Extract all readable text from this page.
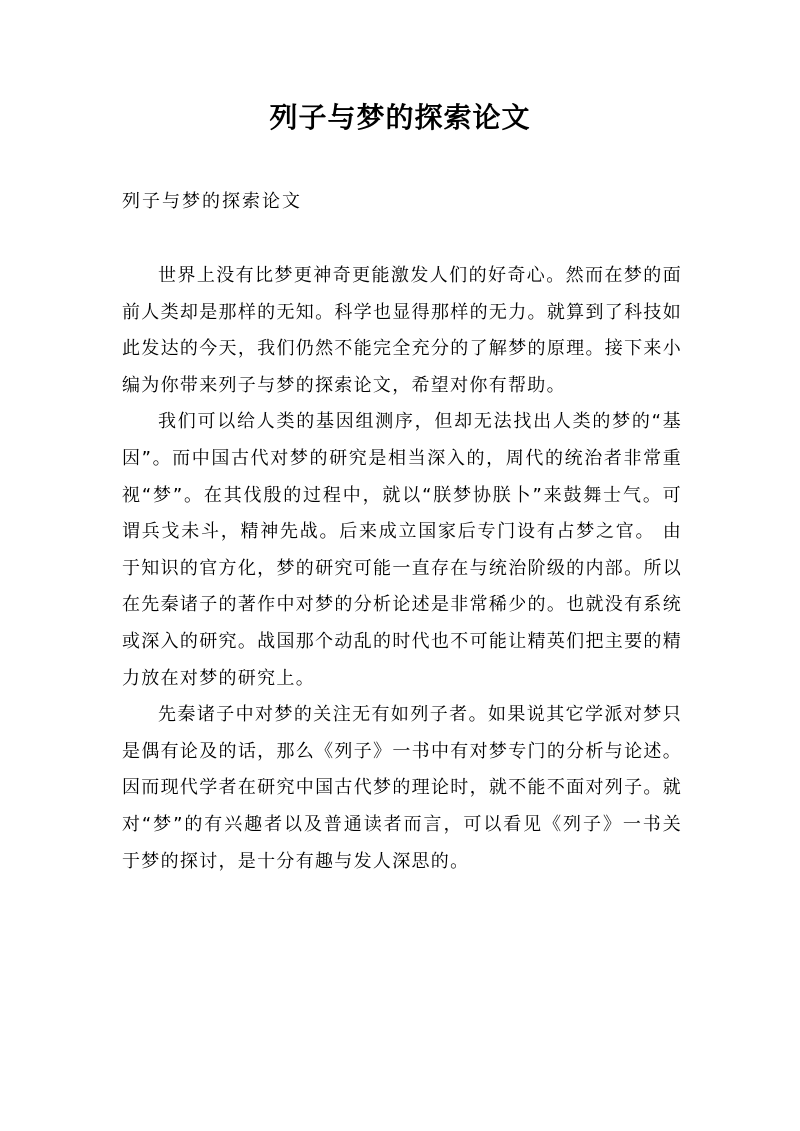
列子与梦的探索论文
列子与梦的探索论文

世界上没有比梦更神奇更能激发人们的好奇心。然而在梦的面前人类却是那样的无知。科学也显得那样的无力。就算到了科技如此发达的今天，我们仍然不能完全充分的了解梦的原理。接下来小编为你带来列子与梦的探索论文，希望对你有帮助。

我们可以给人类的基因组测序，但却无法找出人类的梦的“基因”。而中国古代对梦的研究是相当深入的，周代的统治者非常重视“梦”。在其伐殷的过程中，就以“朕梦协朕卜”来鼓舞士气。可谓兵戈未斗，精神先战。后来成立国家后专门设有占梦之官。 由于知识的官方化，梦的研究可能一直存在与统治阶级的内部。所以在先秦诸子的著作中对梦的分析论述是非常稀少的。也就没有系统或深入的研究。战国那个动乱的时代也不可能让精英们把主要的精力放在对梦的研究上。

先秦诸子中对梦的关注无有如列子者。如果说其它学派对梦只是偶有论及的话，那么《列子》一书中有对梦专门的分析与论述。因而现代学者在研究中国古代梦的理论时，就不能不面对列子。就对“梦”的有兴趣者以及普通读者而言，可以看见《列子》一书关于梦的探讨，是十分有趣与发人深思的。
